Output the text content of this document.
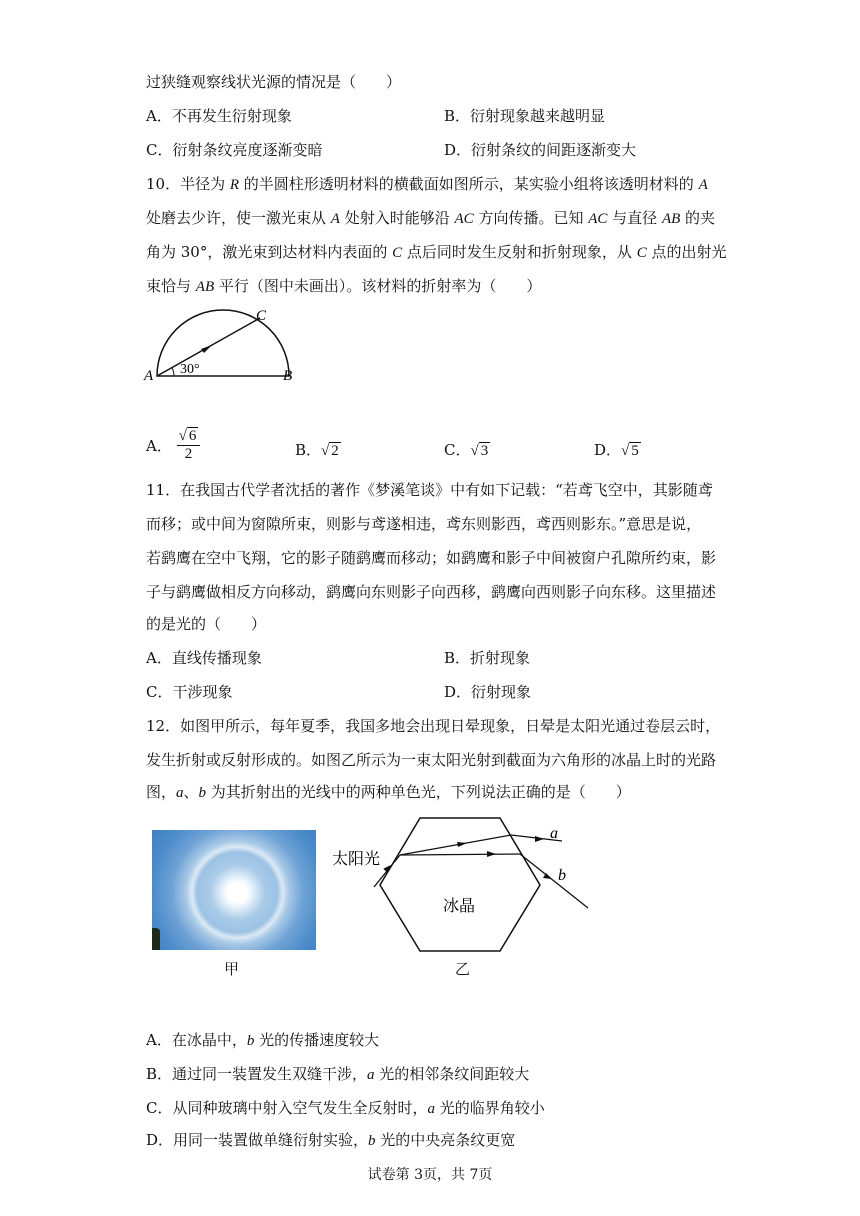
过狭缝观察线状光源的情况是（　　）
A．不再发生衍射现象	B．衍射现象越来越明显
C．衍射条纹亮度逐渐变暗	D．衍射条纹的间距逐渐变大
10．半径为 R 的半圆柱形透明材料的横截面如图所示，某实验小组将该透明材料的 A
处磨去少许，使一激光束从 A 处射入时能够沿 AC 方向传播。已知 AC 与直径 AB 的夹
角为 30°，激光束到达材料内表面的 C 点后同时发生反射和折射现象，从 C 点的出射光
束恰与 AB 平行（图中未画出）。该材料的折射率为（　　）
A	B
C
30°
A． $\frac{√ 6}{2}$	B．√ 2	C．√ 3	D．√ 5
11．在我国古代学者沈括的著作《梦溪笔谈》中有如下记载：“若鸢飞空中，其影随鸢
而移；或中间为窗隙所束，则影与鸢遂相违，鸢东则影西，鸢西则影东。”意思是说，
若鹞鹰在空中飞翔，它的影子随鹞鹰而移动；如鹞鹰和影子中间被窗户孔隙所约束，影
子与鹞鹰做相反方向移动，鹞鹰向东则影子向西移，鹞鹰向西则影子向东移。这里描述
的是光的（　　）
A．直线传播现象	B．折射现象
C．干涉现象	D．衍射现象
12．如图甲所示，每年夏季，我国多地会出现日晕现象，日晕是太阳光通过卷层云时，
发生折射或反射形成的。如图乙所示为一束太阳光射到截面为六角形的冰晶上时的光路
图，a、b 为其折射出的光线中的两种单色光，下列说法正确的是（　　）
甲
太阳光
冰晶
a
b
乙
A．在冰晶中，b 光的传播速度较大
B．通过同一装置发生双缝干涉，a 光的相邻条纹间距较大
C．从同种玻璃中射入空气发生全反射时，a 光的临界角较小
D．用同一装置做单缝衍射实验，b 光的中央亮条纹更宽
试卷第 3页，共 7页
